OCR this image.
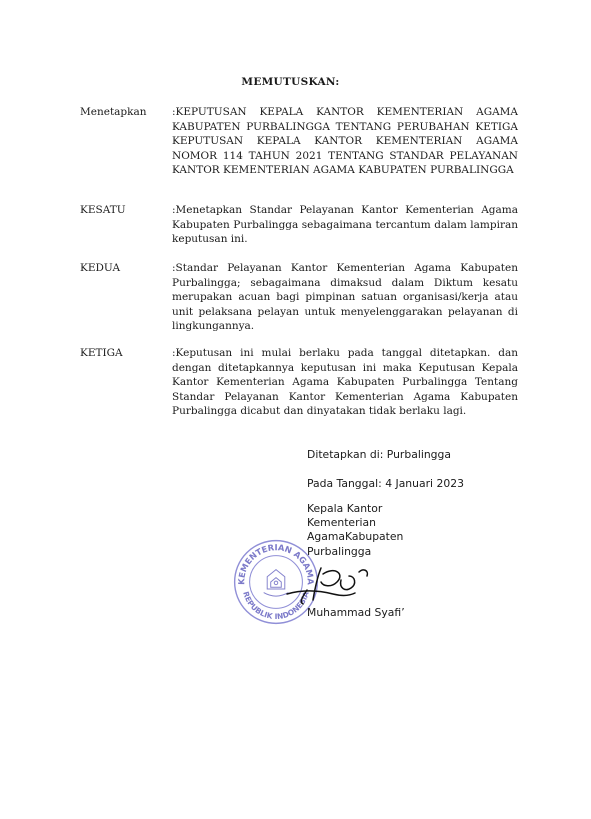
MEMUTUSKAN:
Menetapkan	:KEPUTUSAN KEPALA KANTOR KEMENTERIAN AGAMA KABUPATEN PURBALINGGA TENTANG PERUBAHAN KETIGA KEPUTUSAN KEPALA KANTOR KEMENTERIAN AGAMA NOMOR 114 TAHUN 2021 TENTANG STANDAR PELAYANAN KANTOR KEMENTERIAN AGAMA KABUPATEN PURBALINGGA
KESATU	:Menetapkan Standar Pelayanan Kantor Kementerian Agama Kabupaten Purbalingga sebagaimana tercantum dalam lampiran keputusan ini.
KEDUA	:Standar Pelayanan Kantor Kementerian Agama Kabupaten Purbalingga; sebagaimana dimaksud dalam Diktum kesatu merupakan acuan bagi pimpinan satuan organisasi/kerja atau unit pelaksana pelayan untuk menyelenggarakan pelayanan di lingkungannya.
KETIGA	:Keputusan ini mulai berlaku pada tanggal ditetapkan. dan dengan ditetapkannya keputusan ini maka Keputusan Kepala Kantor Kementerian Agama Kabupaten Purbalingga Tentang Standar Pelayanan Kantor Kementerian Agama Kabupaten Purbalingga dicabut dan dinyatakan tidak berlaku lagi.
Ditetapkan di: Purbalingga
Pada Tanggal: 4 Januari 2023
Kepala Kantor
Kementerian
AgamaKabupaten
Purbalingga
KEMENTERIAN AGAMA
REPUBLIK INDONESIA
Muhammad Syafi’
